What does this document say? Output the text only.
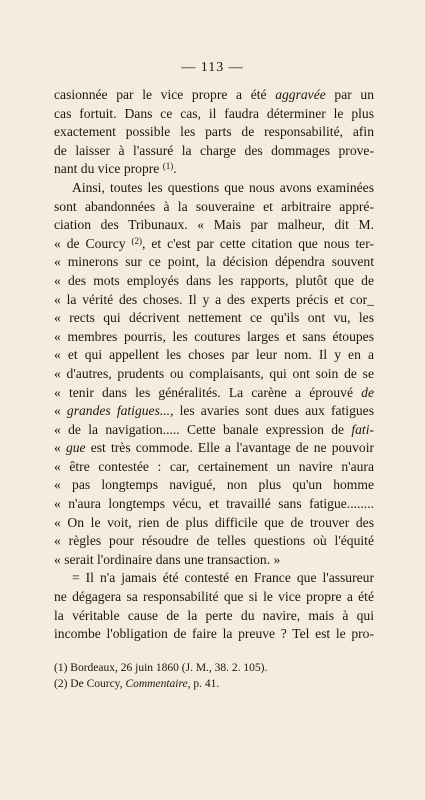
— 113 —
casionnée par le vice propre a été aggravée par un
cas fortuit. Dans ce cas, il faudra déterminer le plus
exactement possible les parts de responsabilité, afin
de laisser à l'assuré la charge des dommages prove-
nant du vice propre $^{(1)}$.
Ainsi, toutes les questions que nous avons examinées
sont abandonnées à la souveraine et arbitraire appré-
ciation des Tribunaux. « Mais par malheur, dit M.
« de Courcy $^{(2)}$, et c'est par cette citation que nous ter-
« minerons sur ce point, la décision dépendra souvent
« des mots employés dans les rapports, plutôt que de
« la vérité des choses. Il y a des experts précis et cor_
« rects qui décrivent nettement ce qu'ils ont vu, les
« membres pourris, les coutures larges et sans étoupes
« et qui appellent les choses par leur nom. Il y en a
« d'autres, prudents ou complaisants, qui ont soin de se
« tenir dans les généralités. La carène a éprouvé de
« grandes fatigues..., les avaries sont dues aux fatigues
« de la navigation..... Cette banale expression de fati-
« gue est très commode. Elle a l'avantage de ne pouvoir
« être contestée : car, certainement un navire n'aura
« pas longtemps navigué, non plus qu'un homme
« n'aura longtemps vécu, et travaillé sans fatigue........
« On le voit, rien de plus difficile que de trouver des
« règles pour résoudre de telles questions où l'équité
« serait l'ordinaire dans une transaction. »
= Il n'a jamais été contesté en France que l'assureur
ne dégagera sa responsabilité que si le vice propre a été
la véritable cause de la perte du navire, mais à qui
incombe l'obligation de faire la preuve ? Tel est le pro-
(1) Bordeaux, 26 juin 1860 (J. M., 38. 2. 105).
(2) De Courcy, Commentaire, p. 41.
